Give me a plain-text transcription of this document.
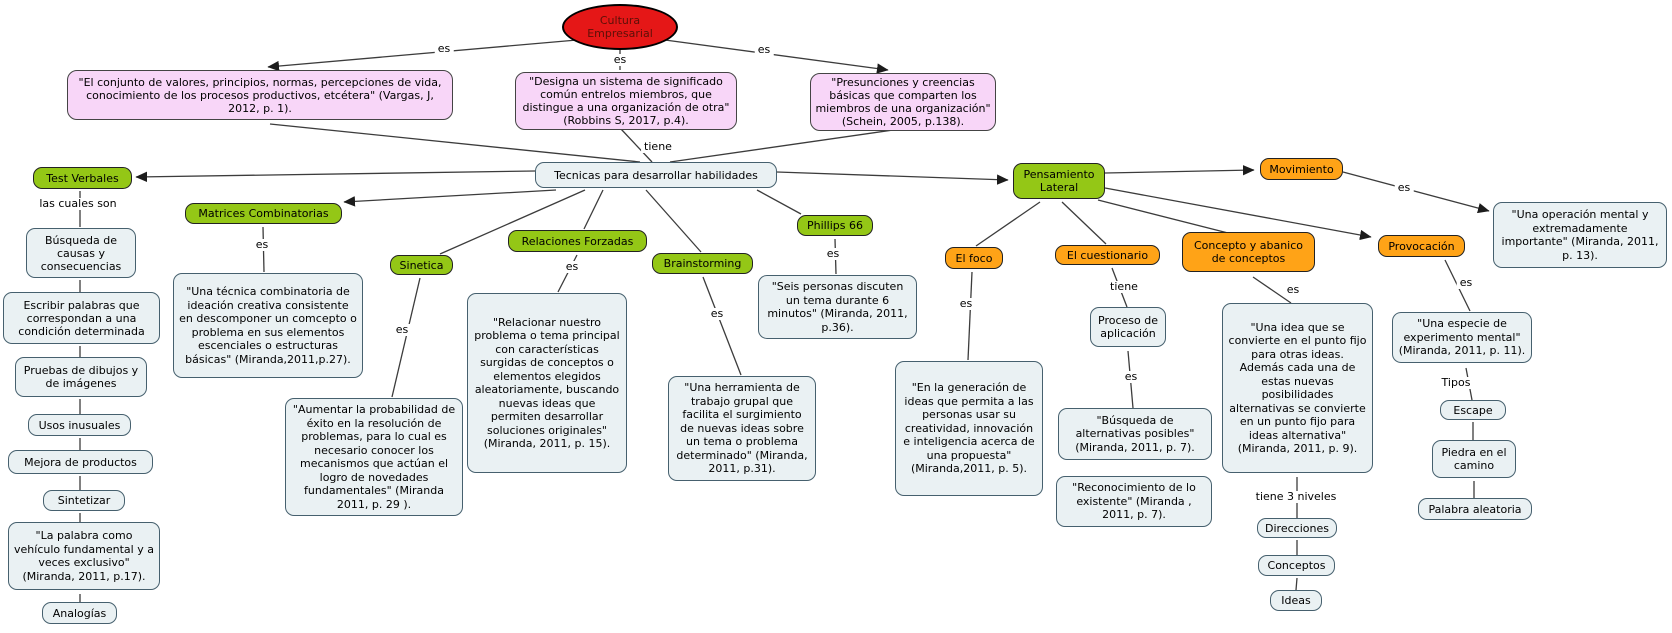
Cultura Empresarial
"El conjunto de valores, principios, normas, percepciones de vida, conocimiento de los procesos productivos, etcétera" (Vargas, J, 2012, p. 1).
"Designa un sistema de significado común entrelos miembros, que distingue a una organización de otra" (Robbins S, 2017, p.4).
"Presunciones y creencias básicas que comparten los miembros de una organización" (Schein, 2005, p.138).
Tecnicas para desarrollar habilidades
Test Verbales
Búsqueda de causas y consecuencias
Escribir palabras que correspondan a una condición determinada
Pruebas de dibujos y de imágenes
Usos inusuales
Mejora de productos
Sintetizar
"La palabra como vehículo fundamental y a veces exclusivo" (Miranda, 2011, p.17).
Analogías
Matrices Combinatorias
"Una técnica combinatoria de ideación creativa consistente en descomponer un comcepto o problema en sus elementos escenciales o estructuras básicas" (Miranda,2011,p.27).
Sinetica
"Aumentar la probabilidad de éxito en la resolución de problemas, para lo cual es necesario conocer los mecanismos que actúan el logro de novedades fundamentales" (Miranda 2011, p. 29 ).
Relaciones Forzadas
"Relacionar nuestro problema o tema principal con características surgidas de conceptos o elementos elegidos aleatoriamente, buscando nuevas ideas que permiten desarrollar soluciones originales" (Miranda, 2011, p. 15).
Brainstorming
"Una herramienta de trabajo grupal que facilita el surgimiento de nuevas ideas sobre un tema o problema determinado" (Miranda, 2011, p.31).
Phillips 66
"Seis personas discuten un tema durante 6 minutos" (Miranda, 2011, p.36).
Pensamiento Lateral
Movimiento
"Una operación mental y extremadamente importante" (Miranda, 2011, p. 13).
El foco
"En la generación de ideas que permita a las personas usar su creatividad, innovación e inteligencia acerca de una propuesta" (Miranda,2011, p. 5).
El cuestionario
Proceso de aplicación
"Búsqueda de alternativas posibles" (Miranda, 2011, p. 7).
"Reconocimiento de lo existente" (Miranda , 2011, p. 7).
Concepto y abanico de conceptos
"Una idea que se convierte en el punto fijo para otras ideas. Además cada una de estas nuevas posibilidades alternativas se convierte en un punto fijo para ideas alternativa" (Miranda, 2011, p. 9).
Direcciones
Conceptos
Ideas
Provocación
"Una especie de experimento mental" (Miranda, 2011, p. 11).
Escape
Piedra en el camino
Palabra aleatoria
es
es
es
tiene
las cuales son
es
es
es
es
es
es
tiene
es
es
tiene 3 niveles
es
es
Tipos
